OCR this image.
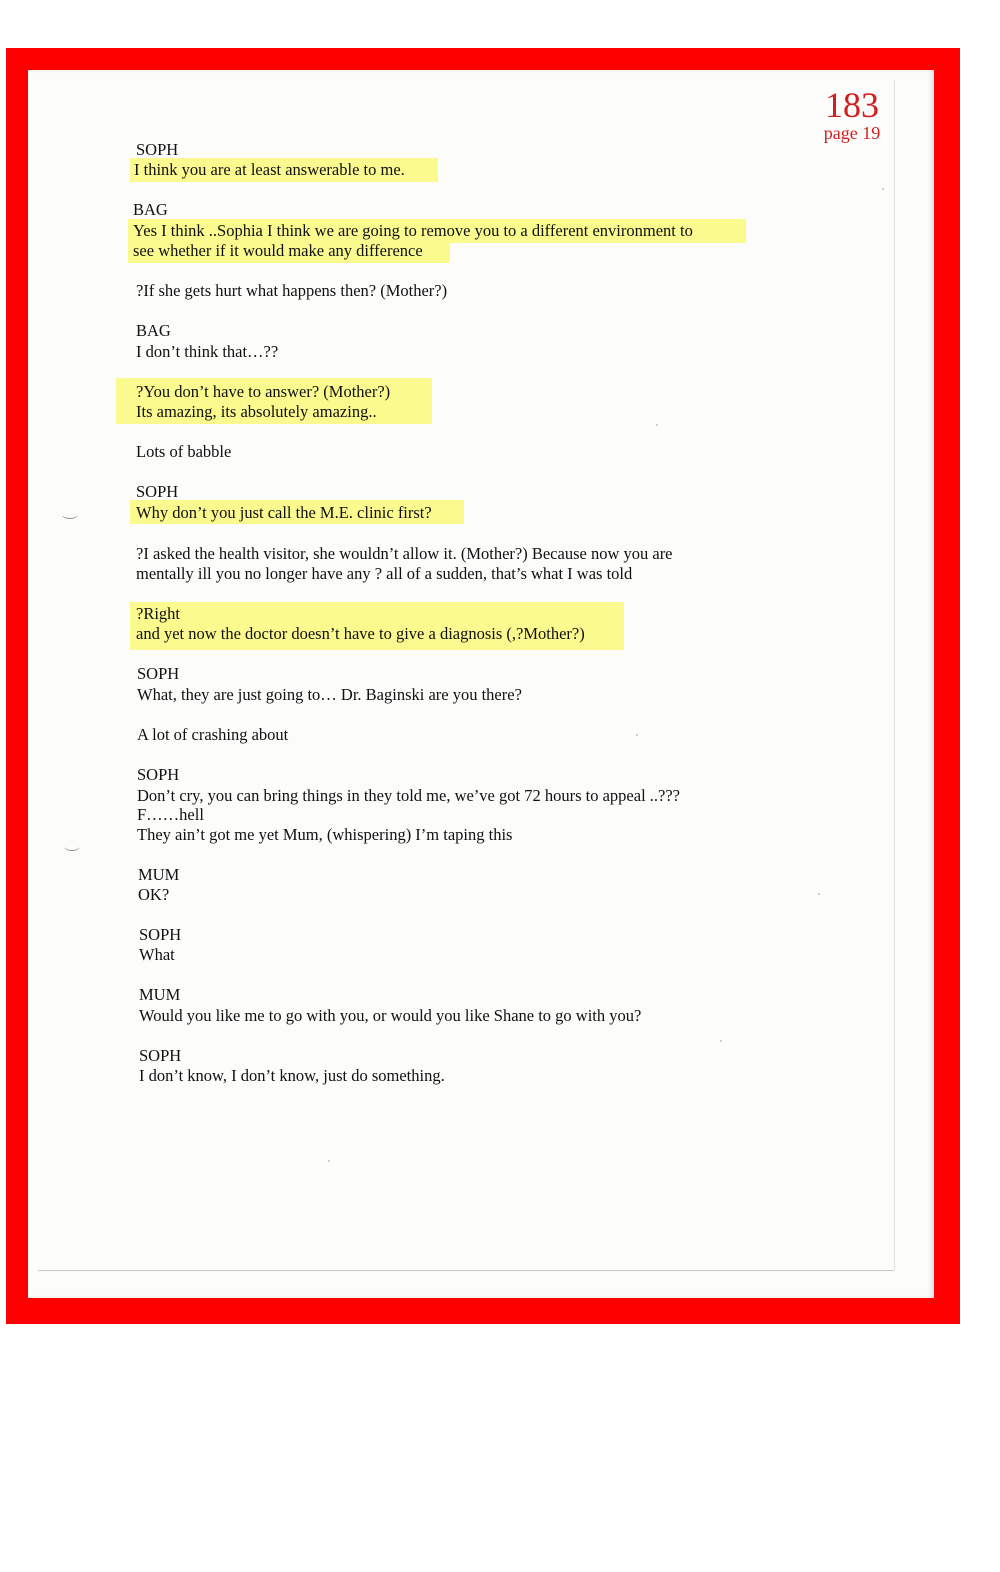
183
page 19
SOPH
I think you are at least answerable to me.
BAG
Yes I think ..Sophia I think we are going to remove you to a different environment to
see whether if it would make any difference
?If she gets hurt what happens then? (Mother?)
BAG
I don’t think that…??
?You don’t have to answer? (Mother?)
Its amazing, its absolutely amazing..
Lots of babble
SOPH
Why don’t you just call the M.E. clinic first?
?I asked the health visitor, she wouldn’t allow it. (Mother?) Because now you are
mentally ill you no longer have any ? all of a sudden, that’s what I was told
?Right
and yet now the doctor doesn’t have to give a diagnosis (,?Mother?)
SOPH
What, they are just going to… Dr. Baginski are you there?
A lot of crashing about
SOPH
Don’t cry, you can bring things in they told me, we’ve got 72 hours to appeal ..???
F……hell
They ain’t got me yet Mum, (whispering) I’m taping this
MUM
OK?
SOPH
What
MUM
Would you like me to go with you, or would you like Shane to go with you?
SOPH
I don’t know, I don’t know, just do something.
